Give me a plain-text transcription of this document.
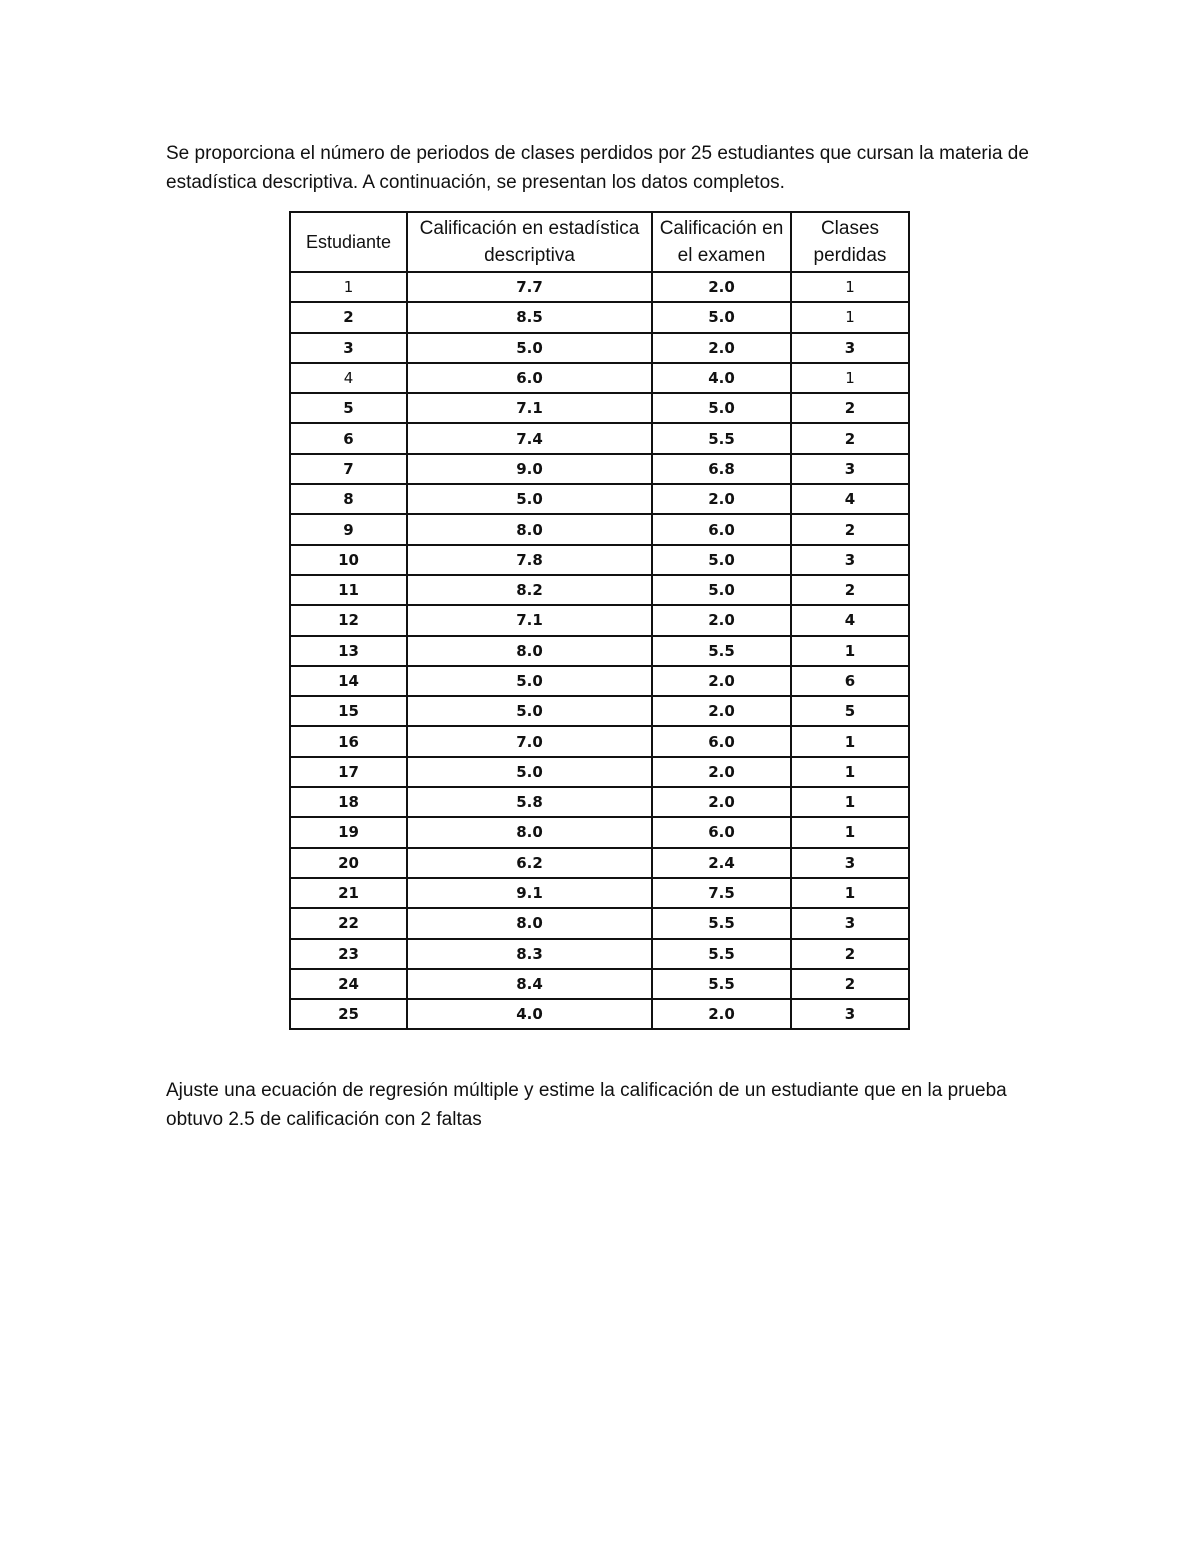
Se proporciona el número de periodos de clases perdidos por 25 estudiantes que cursan la materia de estadística descriptiva. A continuación, se presentan los datos completos.

Estudiante	Calificación en estadística descriptiva	Calificación en el examen	Clases perdidas
1	7.7	2.0	1
2	8.5	5.0	1
3	5.0	2.0	3
4	6.0	4.0	1
5	7.1	5.0	2
6	7.4	5.5	2
7	9.0	6.8	3
8	5.0	2.0	4
9	8.0	6.0	2
10	7.8	5.0	3
11	8.2	5.0	2
12	7.1	2.0	4
13	8.0	5.5	1
14	5.0	2.0	6
15	5.0	2.0	5
16	7.0	6.0	1
17	5.0	2.0	1
18	5.8	2.0	1
19	8.0	6.0	1
20	6.2	2.4	3
21	9.1	7.5	1
22	8.0	5.5	3
23	8.3	5.5	2
24	8.4	5.5	2
25	4.0	2.0	3

Ajuste una ecuación de regresión múltiple y estime la calificación de un estudiante que en la prueba obtuvo 2.5 de calificación con 2 faltas
